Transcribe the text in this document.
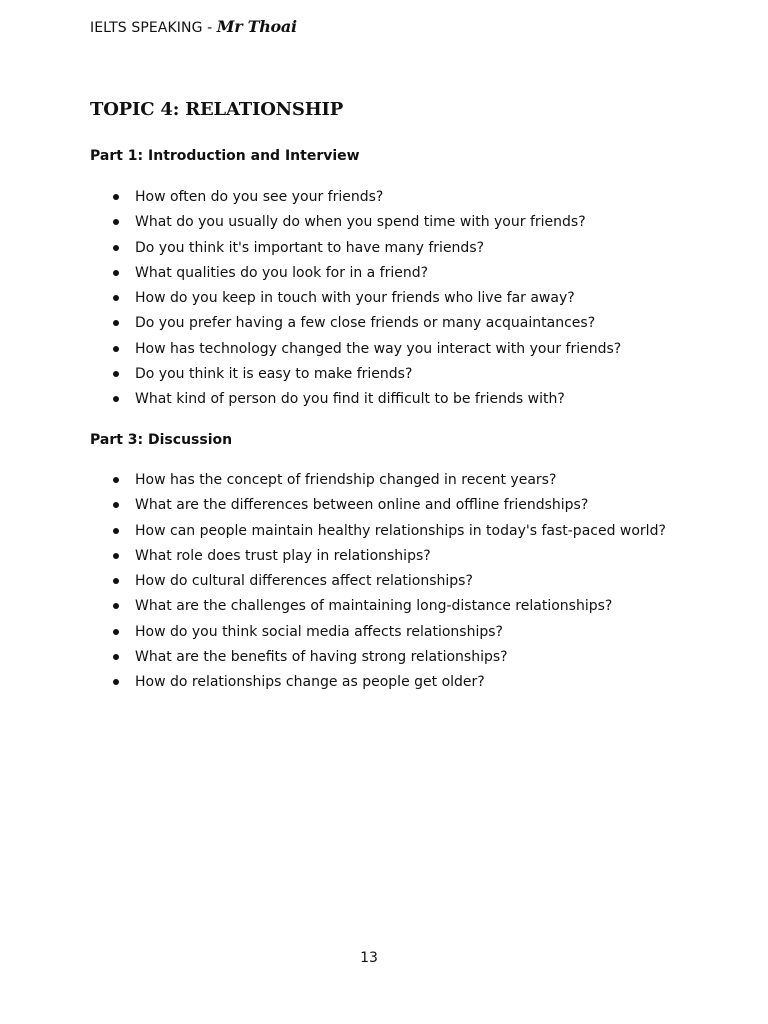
IELTS SPEAKING - Mr Thoai
TOPIC 4: RELATIONSHIP
Part 1: Introduction and Interview
How often do you see your friends?
What do you usually do when you spend time with your friends?
Do you think it's important to have many friends?
What qualities do you look for in a friend?
How do you keep in touch with your friends who live far away?
Do you prefer having a few close friends or many acquaintances?
How has technology changed the way you interact with your friends?
Do you think it is easy to make friends?
What kind of person do you find it difficult to be friends with?
Part 3: Discussion
How has the concept of friendship changed in recent years?
What are the differences between online and offline friendships?
How can people maintain healthy relationships in today's fast-paced world?
What role does trust play in relationships?
How do cultural differences affect relationships?
What are the challenges of maintaining long-distance relationships?
How do you think social media affects relationships?
What are the benefits of having strong relationships?
How do relationships change as people get older?
13
